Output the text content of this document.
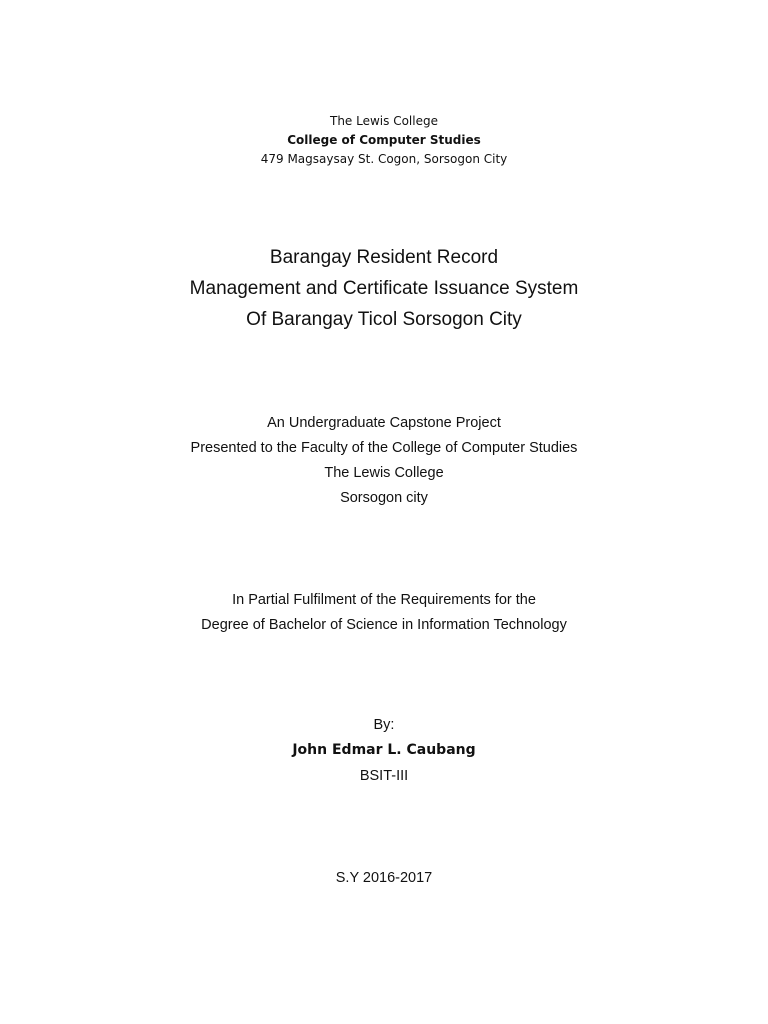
The Lewis College
College of Computer Studies
479 Magsaysay St. Cogon, Sorsogon City
Barangay Resident Record
Management and Certificate Issuance System
Of Barangay Ticol Sorsogon City
An Undergraduate Capstone Project
Presented to the Faculty of the College of Computer Studies
The Lewis College
Sorsogon city
In Partial Fulfilment of the Requirements for the
Degree of Bachelor of Science in Information Technology
By:
John Edmar L. Caubang
BSIT-III
S.Y 2016-2017
